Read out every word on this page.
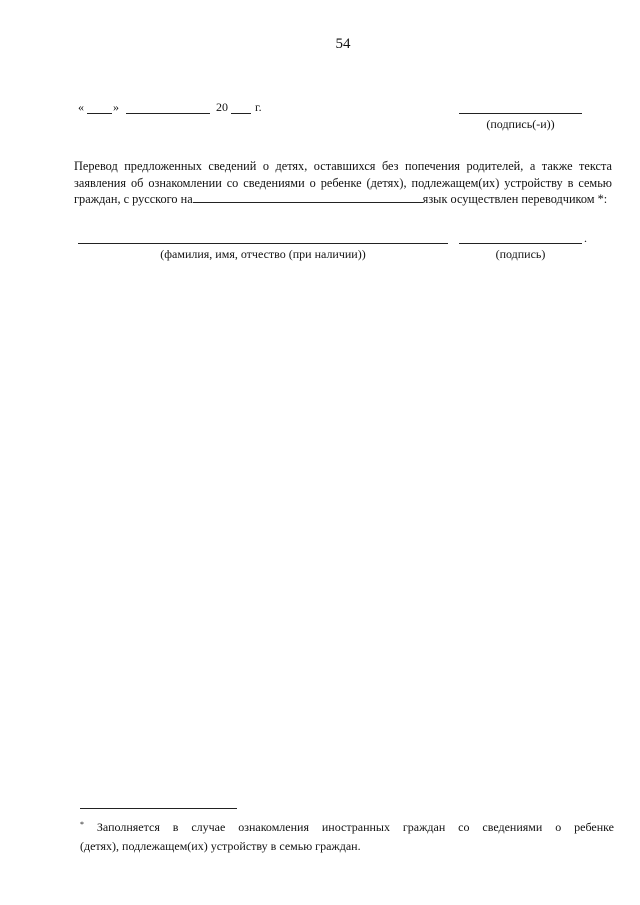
54
« »	20 г.
(подпись(-и))
Перевод предложенных сведений о детях, оставшихся без попечения родителей, а также текста
заявления об ознакомлении со сведениями о ребенке (детях), подлежащем(их) устройству в семью
граждан, с русского на	язык осуществлен переводчиком *:
(фамилия, имя, отчество (при наличии))
.
(подпись)
* Заполняется в случае ознакомления иностранных граждан со сведениями о ребенке
(детях), подлежащем(их) устройству в семью граждан.
